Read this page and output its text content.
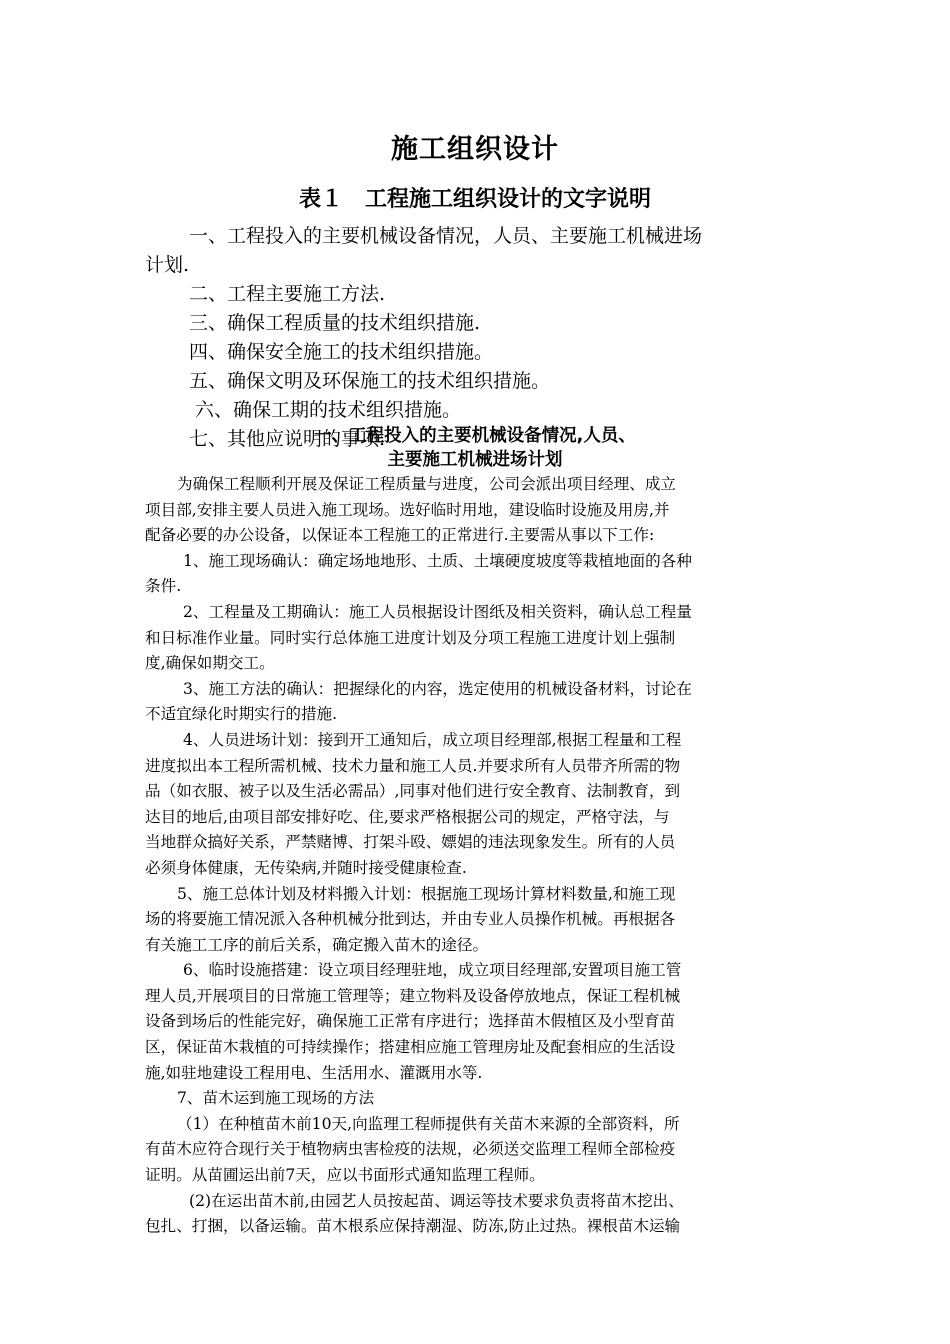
施工组织设计
表１　工程施工组织设计的文字说明
一、工程投入的主要机械设备情况，人员、主要施工机械进场
计划.
二、工程主要施工方法.
三、确保工程质量的技术组织措施.
四、确保安全施工的技术组织措施。
五、确保文明及环保施工的技术组织措施。
六、确保工期的技术组织措施。
七、其他应说明的事项.
一、工程投入的主要机械设备情况,人员、
主要施工机械进场计划
为确保工程顺利开展及保证工程质量与进度，公司会派出项目经理、成立
项目部,安排主要人员进入施工现场。选好临时用地，建设临时设施及用房,并
配备必要的办公设备，以保证本工程施工的正常进行.主要需从事以下工作:
1、施工现场确认：确定场地地形、土质、土壤硬度坡度等栽植地面的各种
条件.
2、工程量及工期确认：施工人员根据设计图纸及相关资料，确认总工程量
和日标准作业量。同时实行总体施工进度计划及分项工程施工进度计划上强制
度,确保如期交工。
3、施工方法的确认：把握绿化的内容，选定使用的机械设备材料，讨论在
不适宜绿化时期实行的措施.
4、人员进场计划：接到开工通知后，成立项目经理部,根据工程量和工程
进度拟出本工程所需机械、技术力量和施工人员.并要求所有人员带齐所需的物
品（如衣服、被子以及生活必需品）,同事对他们进行安全教育、法制教育，到
达目的地后,由项目部安排好吃、住,要求严格根据公司的规定，严格守法，与
当地群众搞好关系，严禁赌博、打架斗殴、嫖娼的违法现象发生。所有的人员
必须身体健康，无传染病,并随时接受健康检查.
5、施工总体计划及材料搬入计划：根据施工现场计算材料数量,和施工现
场的将要施工情况派入各种机械分批到达，并由专业人员操作机械。再根据各
有关施工工序的前后关系，确定搬入苗木的途径。
6、临时设施搭建：设立项目经理驻地，成立项目经理部,安置项目施工管
理人员,开展项目的日常施工管理等；建立物料及设备停放地点，保证工程机械
设备到场后的性能完好，确保施工正常有序进行；选择苗木假植区及小型育苗
区，保证苗木栽植的可持续操作；搭建相应施工管理房址及配套相应的生活设
施,如驻地建设工程用电、生活用水、灌溉用水等.
7、苗木运到施工现场的方法
（1）在种植苗木前10天,向监理工程师提供有关苗木来源的全部资料，所
有苗木应符合现行关于植物病虫害检疫的法规，必须送交监理工程师全部检疫
证明。从苗圃运出前7天，应以书面形式通知监理工程师。
(2)在运出苗木前,由园艺人员按起苗、调运等技术要求负责将苗木挖出、
包扎、打捆，以备运输。苗木根系应保持潮湿、防冻,防止过热。裸根苗木运输
